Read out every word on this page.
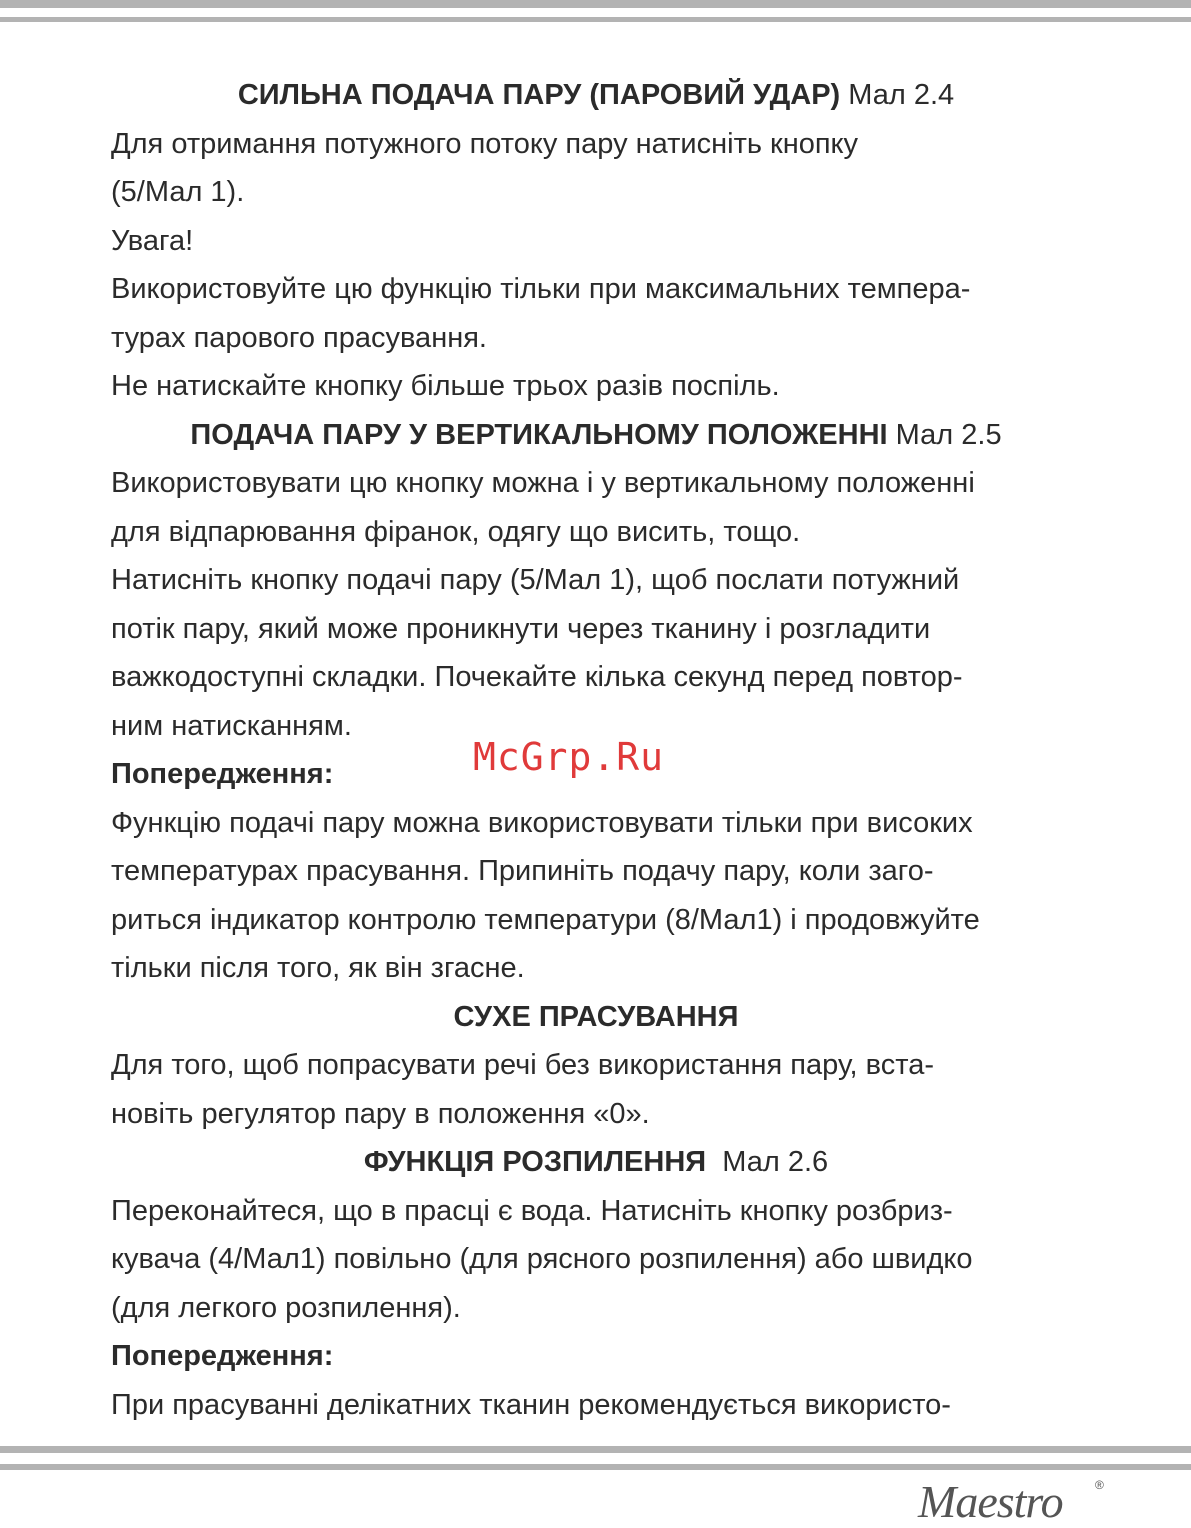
СИЛЬНА ПОДАЧА ПАРУ (ПАРОВИЙ УДАР) Мал 2.4

Для отримання потужного потоку пару натисніть кнопку

(5/Мал 1).

Увага!

Використовуйте цю функцію тільки при максимальних темпера-

турах парового прасування.

Не натискайте кнопку більше трьох разів поспіль.

ПОДАЧА ПАРУ У ВЕРТИКАЛЬНОМУ ПОЛОЖЕННІ Мал 2.5

Використовувати цю кнопку можна і у вертикальному положенні

для відпарювання фіранок, одягу що висить, тощо.

Натисніть кнопку подачі пару (5/Мал 1), щоб послати потужний

потік пару, який може проникнути через тканину і розгладити

важкодоступні складки. Почекайте кілька секунд перед повтор-

ним натисканням.

Попередження:

Функцію подачі пару можна використовувати тільки при високих

температурах прасування. Припиніть подачу пару, коли заго-

риться індикатор контролю температури (8/Мал1) і продовжуйте

тільки після того, як він згасне.

СУХЕ ПРАСУВАННЯ

Для того, щоб попрасувати речі без використання пару, вста-

новіть регулятор пару в положення «0».

ФУНКЦІЯ РОЗПИЛЕННЯ  Мал 2.6

Переконайтеся, що в прасці є вода. Натисніть кнопку розбриз-

кувача (4/Мал1) повільно (для рясного розпилення) або швидко

(для легкого розпилення).

Попередження:

При прасуванні делікатних тканин рекомендується використо-

McGrp.Ru
Maestro	®
